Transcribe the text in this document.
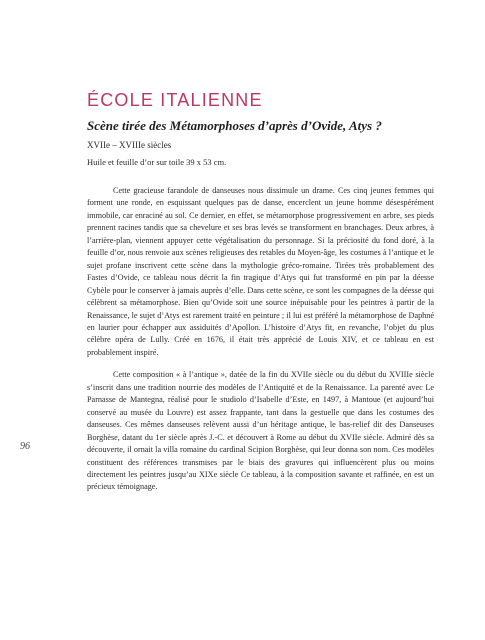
96
ÉCOLE ITALIENNE
Scène tirée des Métamorphoses d’après d’Ovide, Atys ?

XVIIe – XVIIIe siècles

Huile et feuille d’or sur toile 39 x 53 cm.

Cette gracieuse farandole de danseuses nous dissimule un drame. Ces cinq jeunes femmes qui forment une ronde, en esquissant quelques pas de danse, encerclent un jeune homme désespérément immobile, car enraciné au sol. Ce dernier, en effet, se métamorphose progressivement en arbre, ses pieds prennent racines tandis que sa chevelure et ses bras levés se transforment en branchages. Deux arbres, à l’arrière-plan, viennent appuyer cette végétalisation du personnage. Si la préciosité du fond doré, à la feuille d’or, nous renvoie aux scènes religieuses des retables du Moyen-âge, les costumes à l’antique et le sujet profane inscrivent cette scène dans la mythologie gréco-romaine. Tirées très probablement des Fastes d’Ovide, ce tableau nous décrit la fin tragique d’Atys qui fut transformé en pin par la déesse Cybèle pour le conserver à jamais auprès d’elle. Dans cette scène, ce sont les compagnes de la déesse qui célèbrent sa métamorphose. Bien qu’Ovide soit une source inépuisable pour les peintres à partir de la Renaissance, le sujet d’Atys est rarement traité en peinture ; il lui est préféré la métamorphose de Daphné en laurier pour échapper aux assiduités d’Apollon. L’histoire d’Atys fit, en revanche, l’objet du plus célèbre opéra de Lully. Créé en 1676, il était très apprécié de Louis XIV, et ce tableau en est probablement inspiré.

Cette composition « à l’antique », datée de la fin du XVIIe siècle ou du début du XVIIIe siècle s’inscrit dans une tradition nourrie des modèles de l’Antiquité et de la Renaissance. La parenté avec Le Parnasse de Mantegna, réalisé pour le studiolo d’Isabelle d’Este, en 1497, à Mantoue (et aujourd’hui conservé au musée du Louvre) est assez frappante, tant dans la gestuelle que dans les costumes des danseuses. Ces mêmes danseuses relèvent aussi d’un héritage antique, le bas-relief dit des Danseuses Borghèse, datant du 1er siècle après J.-C. et découvert à Rome au début du XVIIe siècle. Admiré dès sa découverte, il ornait la villa romaine du cardinal Scipion Borghèse, qui leur donna son nom. Ces modèles constituent des références transmises par le biais des gravures qui influencèrent plus ou moins directement les peintres jusqu’au XIXe siècle Ce tableau, à la composition savante et raffinée, en est un précieux témoignage.
